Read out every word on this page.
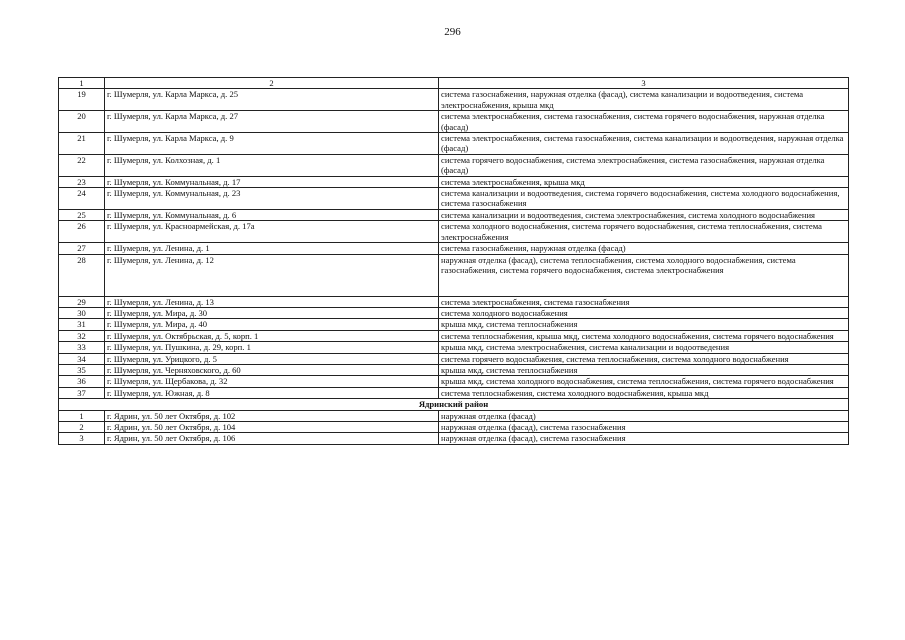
296
1	2	3
19	г. Шумерля, ул. Карла Маркса, д. 25	система газоснабжения, наружная отделка (фасад), система канализации и водоотведения, система электроснабжения, крыша мкд
20	г. Шумерля, ул. Карла Маркса, д. 27	система электроснабжения, система газоснабжения, система горячего водоснабжения, наружная отделка (фасад)
21	г. Шумерля, ул. Карла Маркса, д. 9	система электроснабжения, система газоснабжения, система канализации и водоотведения, наружная отделка (фасад)
22	г. Шумерля, ул. Колхозная, д. 1	система горячего водоснабжения, система электроснабжения, система газоснабжения, наружная отделка (фасад)
23	г. Шумерля, ул. Коммунальная, д. 17	система электроснабжения, крыша мкд
24	г. Шумерля, ул. Коммунальная, д. 23	система канализации и водоотведения, система горячего водоснабжения, система холодного водоснабжения, система газоснабжения
25	г. Шумерля, ул. Коммунальная, д. 6	система канализации и водоотведения, система электроснабжения, система холодного водоснабжения
26	г. Шумерля, ул. Красноармейская, д. 17а	система холодного водоснабжения, система горячего водоснабжения, система теплоснабжения, система электроснабжения
27	г. Шумерля, ул. Ленина, д. 1	система газоснабжения, наружная отделка (фасад)
28	г. Шумерля, ул. Ленина, д. 12	наружная отделка (фасад), система теплоснабжения, система холодного водоснабжения, система газоснабжения, система горячего водоснабжения, система электроснабжения
29	г. Шумерля, ул. Ленина, д. 13	система электроснабжения, система газоснабжения
30	г. Шумерля, ул. Мира, д. 30	система холодного водоснабжения
31	г. Шумерля, ул. Мира, д. 40	крыша мкд, система теплоснабжения
32	г. Шумерля, ул. Октябрьская, д. 5, корп. 1	система теплоснабжения, крыша мкд, система холодного водоснабжения, система горячего водоснабжения
33	г. Шумерля, ул. Пушкина, д. 29, корп. 1	крыша мкд, система электроснабжения, система канализации и водоотведения
34	г. Шумерля, ул. Урицкого, д. 5	система горячего водоснабжения, система теплоснабжения, система холодного водоснабжения
35	г. Шумерля, ул. Черняховского, д. 60	крыша мкд, система теплоснабжения
36	г. Шумерля, ул. Щербакова, д. 32	крыша мкд, система холодного водоснабжения, система теплоснабжения, система горячего водоснабжения
37	г. Шумерля, ул. Южная, д. 8	система теплоснабжения, система холодного водоснабжения, крыша мкд
Ядринский район		
1	г. Ядрин, ул. 50 лет Октября, д. 102	наружная отделка (фасад)
2	г. Ядрин, ул. 50 лет Октября, д. 104	наружная отделка (фасад), система газоснабжения
3	г. Ядрин, ул. 50 лет Октября, д. 106	наружная отделка (фасад), система газоснабжения
